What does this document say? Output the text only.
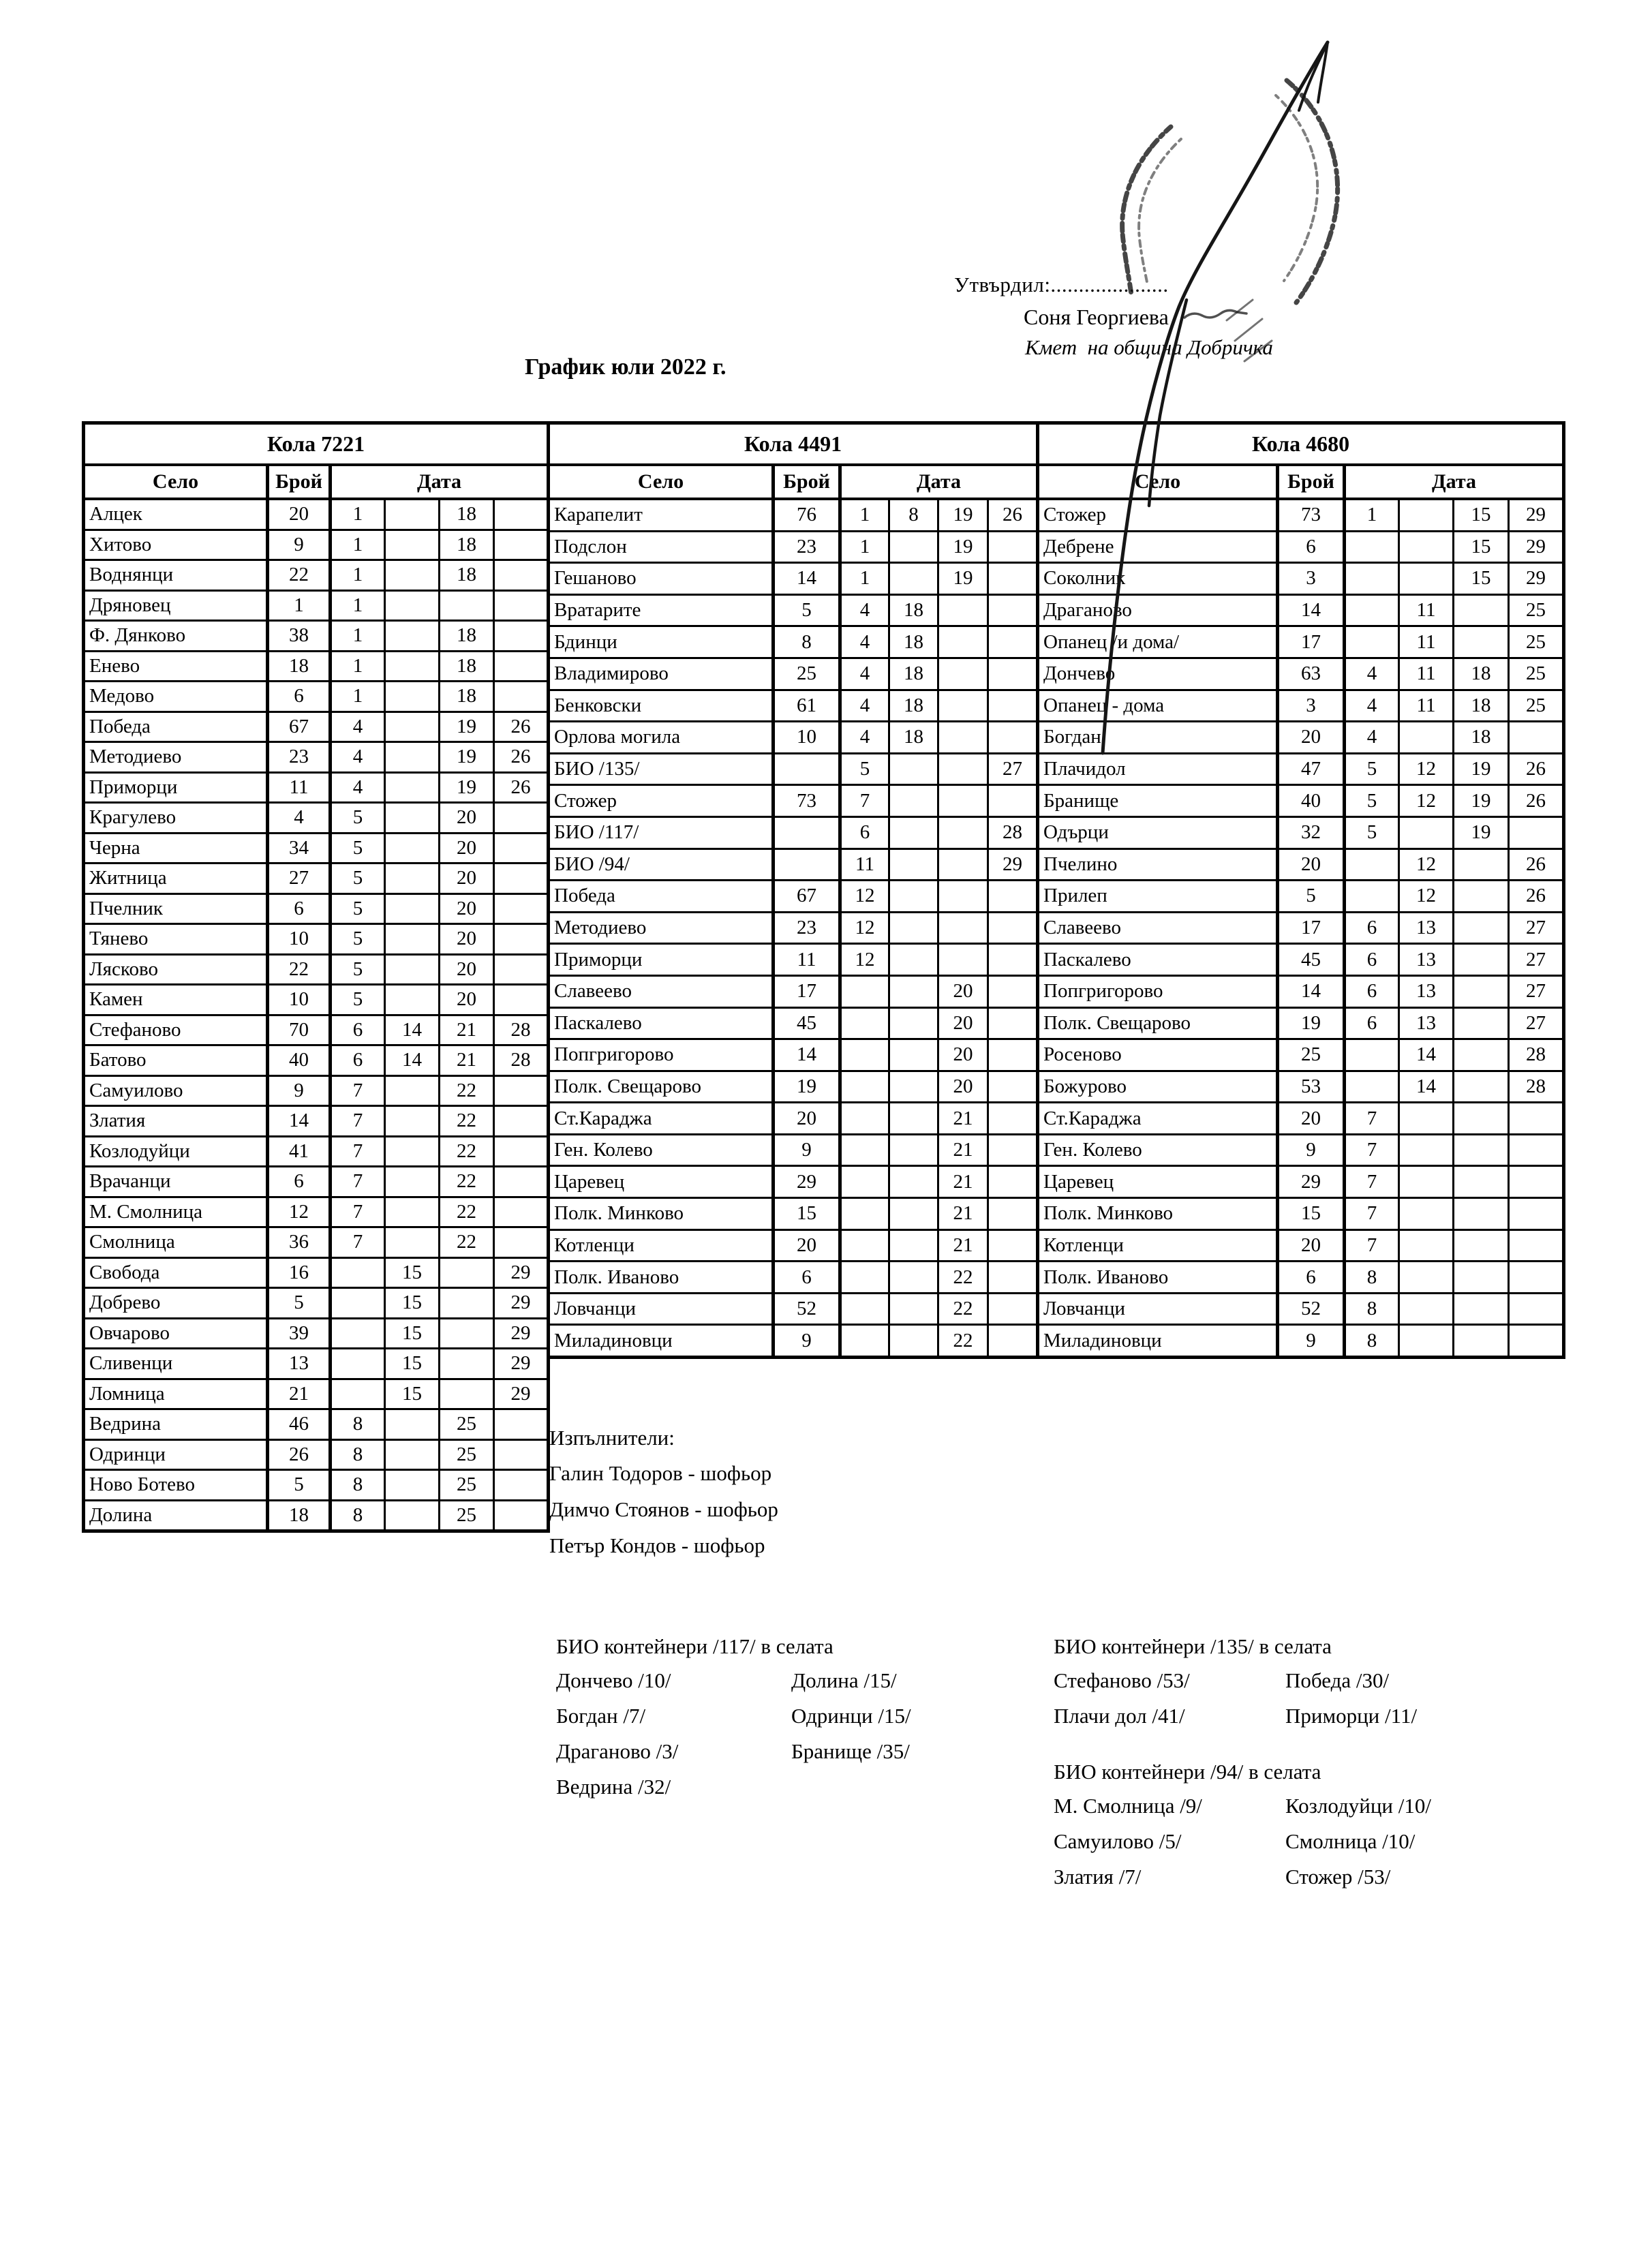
Утвърдил:.....................
Соня Георгиева
Кмет  на община Добричка
График юли 2022 г.
Кола 7221					
Село	Брой	Дата			
Алцек	20	1		18	
Хитово	9	1		18	
Воднянци	22	1		18	
Дряновец	1	1			
Ф. Дянково	38	1		18	
Енево	18	1		18	
Медово	6	1		18	
Победа	67	4		19	26
Методиево	23	4		19	26
Приморци	11	4		19	26
Крагулево	4	5		20	
Черна	34	5		20	
Житница	27	5		20	
Пчелник	6	5		20	
Тянево	10	5		20	
Лясково	22	5		20	
Камен	10	5		20	
Стефаново	70	6	14	21	28
Батово	40	6	14	21	28
Самуилово	9	7		22	
Златия	14	7		22	
Козлодуйци	41	7		22	
Врачанци	6	7		22	
М. Смолница	12	7		22	
Смолница	36	7		22	
Свобода	16		15		29
Добрево	5		15		29
Овчарово	39		15		29
Сливенци	13		15		29
Ломница	21		15		29
Ведрина	46	8		25	
Одринци	26	8		25	
Ново Ботево	5	8		25	
Долина	18	8		25	
Кола 4491					
Село	Брой	Дата			
Карапелит	76	1	8	19	26
Подслон	23	1		19	
Гешаново	14	1		19	
Вратарите	5	4	18		
Бдинци	8	4	18		
Владимирово	25	4	18		
Бенковски	61	4	18		
Орлова могила	10	4	18		
БИО /135/		5			27
Стожер	73	7			
БИО /117/		6			28
БИО /94/		11			29
Победа	67	12			
Методиево	23	12			
Приморци	11	12			
Славеево	17			20	
Паскалево	45			20	
Попгригорово	14			20	
Полк. Свещарово	19			20	
Ст.Караджа	20			21	
Ген. Колево	9			21	
Царевец	29			21	
Полк. Минково	15			21	
Котленци	20			21	
Полк. Иваново	6			22	
Ловчанци	52			22	
Миладиновци	9			22	
Кола 4680					
Село	Брой	Дата			
Стожер	73	1		15	29
Дебрене	6			15	29
Соколник	3			15	29
Драганово	14		11		25
Опанец /и дома/	17		11		25
Дончево	63	4	11	18	25
Опанец - дома	3	4	11	18	25
Богдан	20	4		18	
Плачидол	47	5	12	19	26
Бранище	40	5	12	19	26
Одърци	32	5		19	
Пчелино	20		12		26
Прилеп	5		12		26
Славеево	17	6	13		27
Паскалево	45	6	13		27
Попгригорово	14	6	13		27
Полк. Свещарово	19	6	13		27
Росеново	25		14		28
Божурово	53		14		28
Ст.Караджа	20	7			
Ген. Колево	9	7			
Царевец	29	7			
Полк. Минково	15	7			
Котленци	20	7			
Полк. Иваново	6	8			
Ловчанци	52	8			
Миладиновци	9	8			
Изпълнители:
Галин Тодоров - шофьор
Димчо Стоянов - шофьор
Петър Кондов - шофьор
БИО контейнери /117/ в селата
Дончево /10/
Богдан /7/
Драганово /3/
Ведрина /32/
Долина /15/
Одринци /15/
Бранище /35/
БИО контейнери /135/ в селата
Стефаново /53/
Плачи дол /41/
Победа /30/
Приморци /11/
БИО контейнери /94/ в селата
М. Смолница /9/
Самуилово /5/
Златия /7/
Козлодуйци /10/
Смолница /10/
Стожер /53/
